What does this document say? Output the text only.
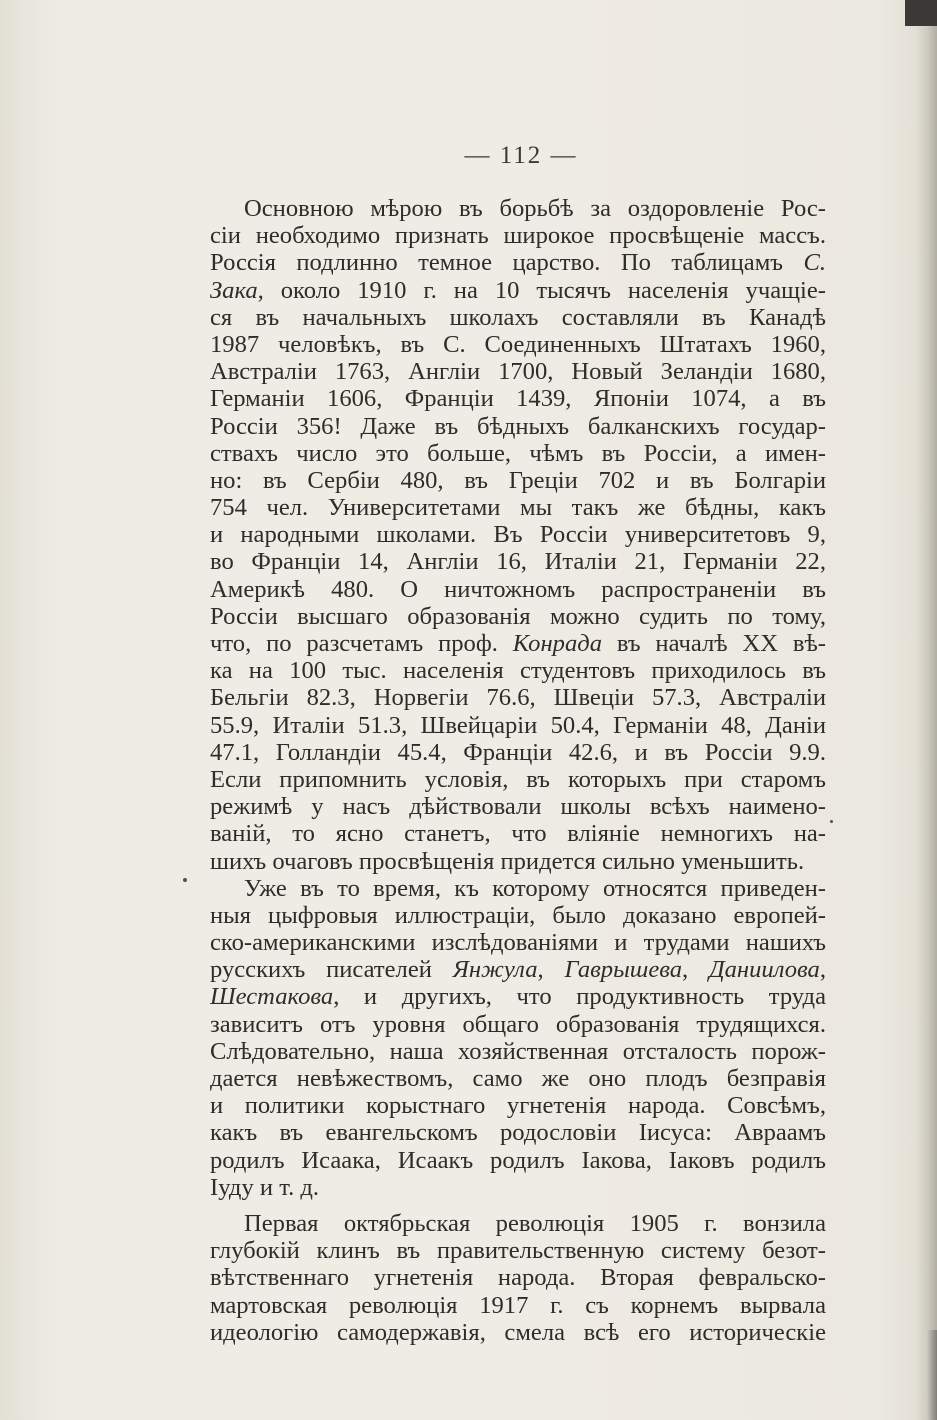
— 112 —
Основною мѣрою въ борьбѣ за оздоровленіе Рос-
сіи необходимо признать широкое просвѣщеніе массъ.
Россія подлинно темное царство. По таблицамъ С.
Зака, около 1910 г. на 10 тысячъ населенія учащіе-
ся въ начальныхъ школахъ составляли въ Канадѣ
1987 человѣкъ, въ С. Соединенныхъ Штатахъ 1960,
Австраліи 1763, Англіи 1700, Новый Зеландіи 1680,
Германіи 1606, Франціи 1439, Японіи 1074, а въ
Россіи 356! Даже въ бѣдныхъ балканскихъ государ-
ствахъ число это больше, чѣмъ въ Россіи, а имен-
но: въ Сербіи 480, въ Греціи 702 и въ Болгаріи
754 чел. Университетами мы такъ же бѣдны, какъ
и народными школами. Въ Россіи университетовъ 9,
во Франціи 14, Англіи 16, Италіи 21, Германіи 22,
Америкѣ 480. О ничтожномъ распространеніи въ
Россіи высшаго образованія можно судить по тому,
что, по разсчетамъ проф. Конрада въ началѣ XX вѣ-
ка на 100 тыс. населенія студентовъ приходилось въ
Бельгіи 82.3, Норвегіи 76.6, Швеціи 57.3, Австраліи
55.9, Италіи 51.3, Швейцаріи 50.4, Германіи 48, Даніи
47.1, Голландіи 45.4, Франціи 42.6, и въ Россіи 9.9.
Если припомнить условія, въ которыхъ при старомъ
режимѣ у насъ дѣйствовали школы всѣхъ наимено-
ваній, то ясно станетъ, что вліяніе немногихъ на-
шихъ очаговъ просвѣщенія придется сильно уменьшить.
Уже въ то время, къ которому относятся приведен-
ныя цыфровыя иллюстраціи, было доказано европей-
ско-американскими изслѣдованіями и трудами нашихъ
русскихъ писателей Янжула, Гаврышева, Даниилова,
Шестакова, и другихъ, что продуктивность труда
зависитъ отъ уровня общаго образованія трудящихся.
Слѣдовательно, наша хозяйственная отсталость порож-
дается невѣжествомъ, само же оно плодъ безправія
и политики корыстнаго угнетенія народа. Совсѣмъ,
какъ въ евангельскомъ родословіи Іисуса: Авраамъ
родилъ Исаака, Исаакъ родилъ Іакова, Іаковъ родилъ
Іуду и т. д.
Первая октябрьская революція 1905 г. вонзила
глубокій клинъ въ правительственную систему безот-
вѣтственнаго угнетенія народа. Вторая февральско-
мартовская революція 1917 г. съ корнемъ вырвала
идеологію самодержавія, смела всѣ его историческіе
